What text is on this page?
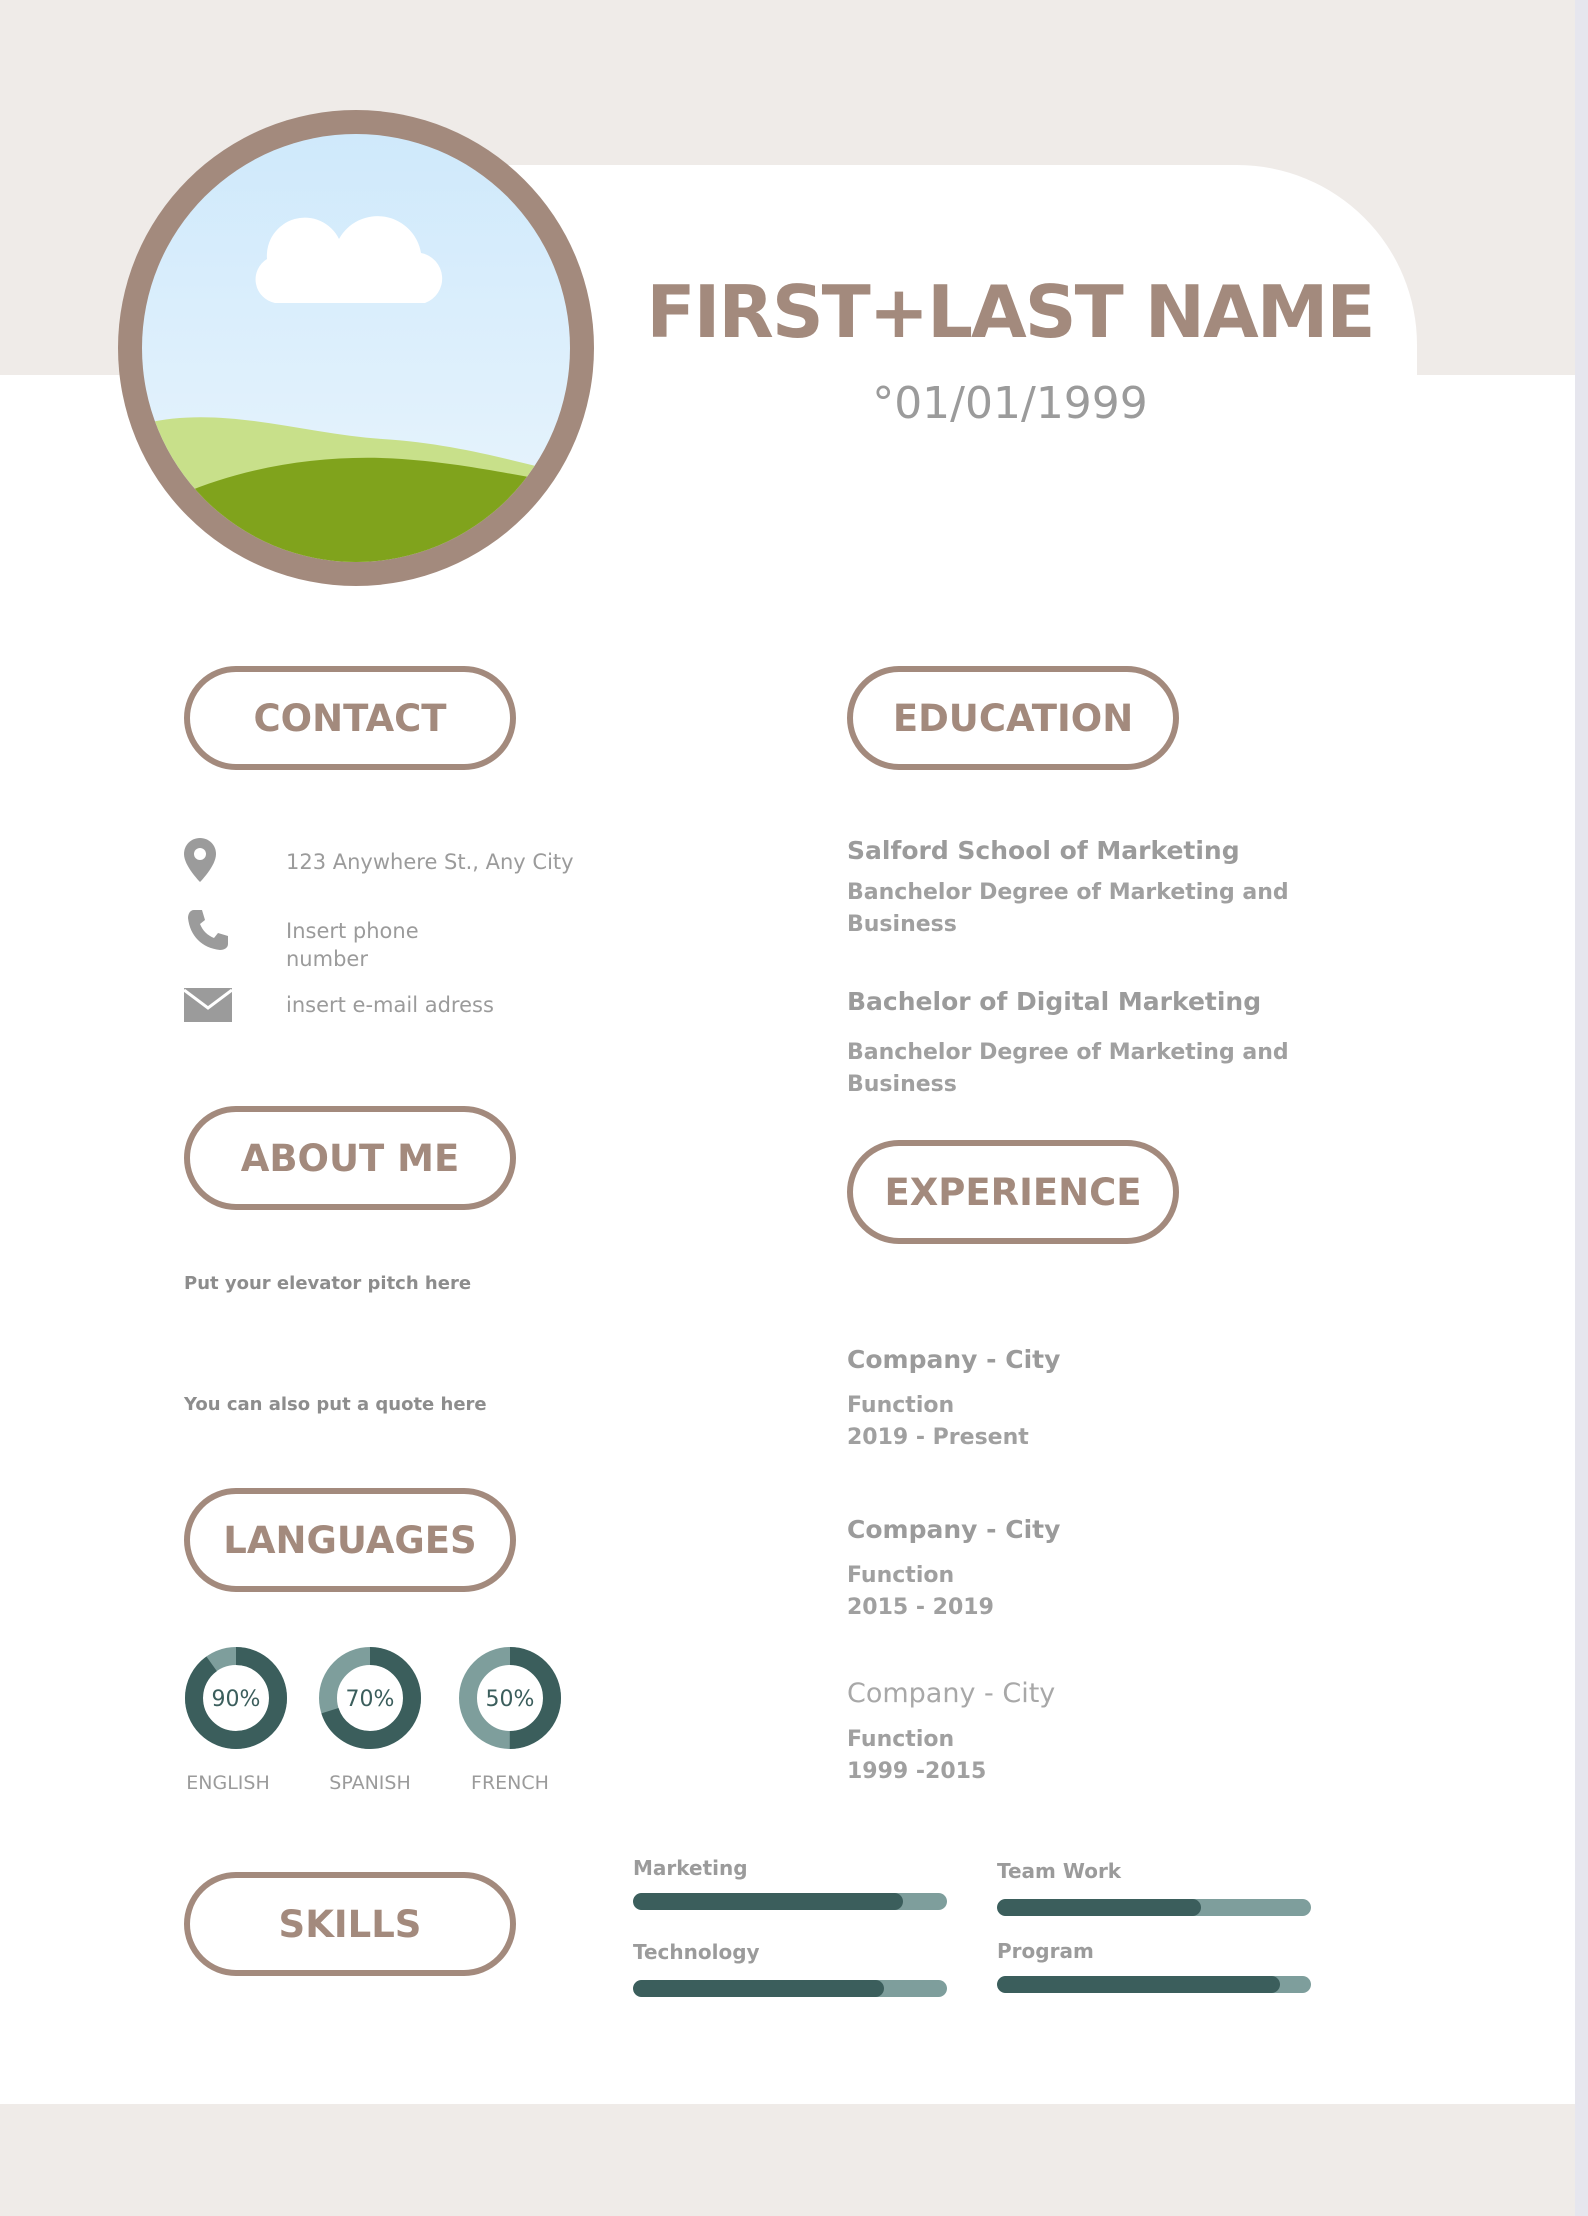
FIRST+LAST NAME
°01/01/1999
CONTACT
123 Anywhere St., Any City
Insert phone number
insert e-mail adress
ABOUT ME
Put your elevator pitch here
You can also put a quote here
LANGUAGES
90%
ENGLISH
70%
SPANISH
50%
FRENCH
SKILLS
Marketing	Team Work
Technology	Program
EDUCATION
Salford School of Marketing
Banchelor Degree of Marketing and Business
Bachelor of Digital Marketing
Banchelor Degree of Marketing and Business
EXPERIENCE
Company - City
Function
2019 - Present
Company - City
Function
2015 - 2019
Company - City
Function
1999 -2015
